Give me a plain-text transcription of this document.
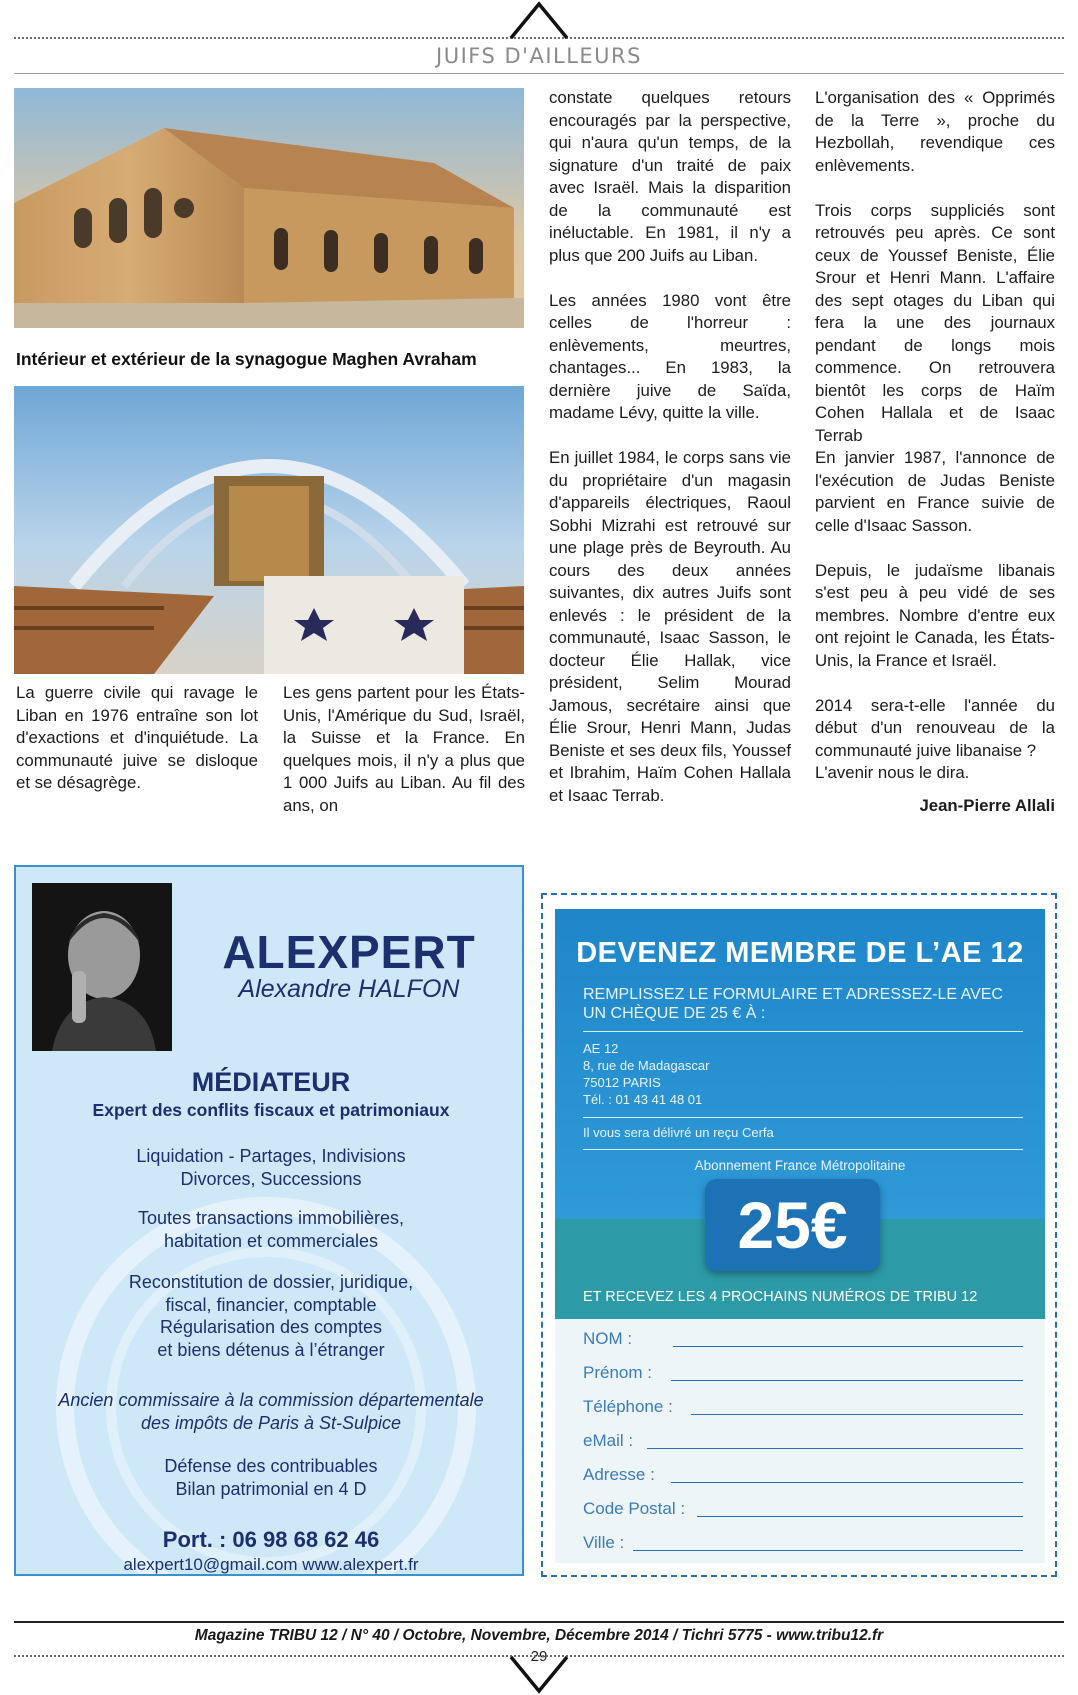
JUIFS D'AILLEURS
Intérieur et extérieur de la synagogue Maghen Avraham

La guerre civile qui ravage le Liban en 1976 entraîne son lot d'exactions et d'inquiétude. La communauté juive se disloque et se désagrège.

Les gens partent pour les États-Unis, l'Amérique du Sud, Israël, la Suisse et la France. En quelques mois, il n'y a plus que 1 000 Juifs au Liban. Au fil des ans, on

constate quelques retours encouragés par la perspective, qui n'aura qu'un temps, de la signature d'un traité de paix avec Israël. Mais la disparition de la communauté est inéluctable. En 1981, il n'y a plus que 200 Juifs au Liban.

Les années 1980 vont être celles de l'horreur : enlèvements, meurtres, chantages... En 1983, la dernière juive de Saïda, madame Lévy, quitte la ville.

En juillet 1984, le corps sans vie du propriétaire d'un magasin d'appareils électriques, Raoul Sobhi Mizrahi est retrouvé sur une plage près de Beyrouth. Au cours des deux années suivantes, dix autres Juifs sont enlevés : le président de la communauté, Isaac Sasson, le docteur Élie Hallak, vice président, Selim Mourad Jamous, secrétaire ainsi que Élie Srour, Henri Mann, Judas Beniste et ses deux fils, Youssef et Ibrahim, Haïm Cohen Hallala et Isaac Terrab.

L'organisation des « Opprimés de la Terre », proche du Hezbollah, revendique ces enlèvements.

Trois corps suppliciés sont retrouvés peu après. Ce sont ceux de Youssef Beniste, Élie Srour et Henri Mann. L'affaire des sept otages du Liban qui fera la une des journaux pendant de longs mois commence. On retrouvera bientôt les corps de Haïm Cohen Hallala et de Isaac Terrab

En janvier 1987, l'annonce de l'exécution de Judas Beniste parvient en France suivie de celle d'Isaac Sasson.

Depuis, le judaïsme libanais s'est peu à peu vidé de ses membres. Nombre d'entre eux ont rejoint le Canada, les États-Unis, la France et Israël.

2014 sera-t-elle l'année du début d'un renouveau de la communauté juive libanaise ?

L'avenir nous le dira.

Jean-Pierre Allali
ALEXPERT
Alexandre HALFON
MÉDIATEUR
Expert des conflits fiscaux et patrimoniaux
Liquidation - Partages, Indivisions
Divorces, Successions
Toutes transactions immobilières,
habitation et commerciales
Reconstitution de dossier, juridique,
fiscal, financier, comptable
Régularisation des comptes
et biens détenus à l’étranger
Ancien commissaire à la commission départementale
des impôts de Paris à St-Sulpice
Défense des contribuables
Bilan patrimonial en 4 D
Port. : 06 98 68 62 46
alexpert10@gmail.com www.alexpert.fr
DEVENEZ MEMBRE DE L’AE 12
REMPLISSEZ LE FORMULAIRE ET ADRESSEZ-LE AVEC UN CHÈQUE DE 25 € À :
AE 12
8, rue de Madagascar
75012 PARIS
Tél. : 01 43 41 48 01
Il vous sera délivré un reçu Cerfa
Abonnement France Métropolitaine
25€
ET RECEVEZ LES 4 PROCHAINS NUMÉROS DE TRIBU 12
NOM :
Prénom :
Téléphone :
eMail :
Adresse :
Code Postal :
Ville :
Magazine TRIBU 12 / N° 40 / Octobre, Novembre, Décembre 2014 / Tichri 5775 - www.tribu12.fr
29
